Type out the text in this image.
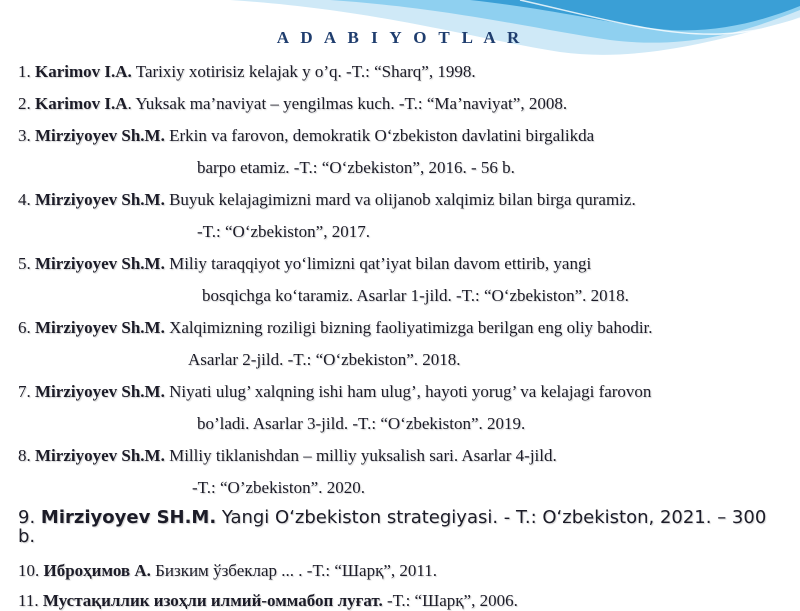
A D A B I Y O T L A R
1. Karimov I.A. Tarixiy xotirisiz kelajak y o’q. -T.: “Sharq”, 1998.
2. Karimov I.A. Yuksak ma’naviyat – yengilmas kuch. -T.: “Ma’naviyat”, 2008.
3. Mirziyoyev Sh.M. Erkin va farovon, demokratik O‘zbekiston davlatini birgalikda
barpo etamiz. -T.: “O‘zbekiston”, 2016. - 56 b.
4. Mirziyoyev Sh.M. Buyuk kelajagimizni mard va olijanob xalqimiz bilan birga quramiz.
-T.: “O‘zbekiston”, 2017.
5. Mirziyoyev Sh.M. Miliy taraqqiyot yo‘limizni qat’iyat bilan davom ettirib, yangi
bosqichga ko‘taramiz. Asarlar 1-jild. -T.: “O‘zbekiston”. 2018.
6. Mirziyoyev Sh.M. Xalqimizning roziligi bizning faoliyatimizga berilgan eng oliy bahodir.
Asarlar 2-jild. -T.: “O‘zbekiston”. 2018.
7. Mirziyoyev Sh.M. Niyati ulug’ xalqning ishi ham ulug’, hayoti yorug’ va kelajagi farovon
bo’ladi. Asarlar 3-jild. -T.: “O‘zbekiston”. 2019.
8. Mirziyoyev Sh.M. Milliy tiklanishdan – milliy yuksalish sari. Asarlar 4-jild.
-T.: “O’zbekiston”. 2020.
9. Mirziyoyev SH.M. Yangi O‘zbekiston strategiyasi. - T.: O‘zbekiston, 2021. – 300
b.
10. Иброҳимов А. Бизким ўзбеклар ... . -Т.: “Шарқ”, 2011.
11. Мустақиллик изоҳли илмий-оммабоп луғат. -Т.: “Шарқ”, 2006.
